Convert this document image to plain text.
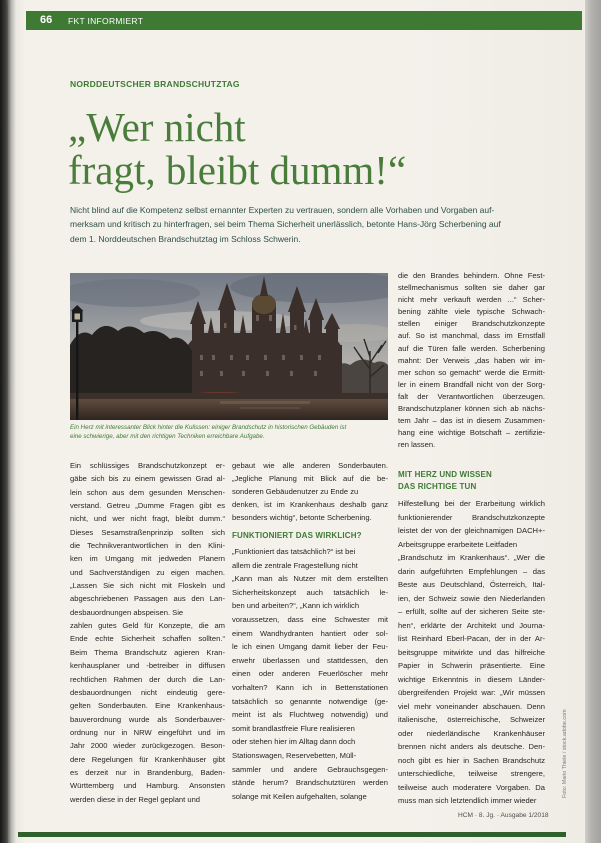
66 FKT INFORMIERT
NORDDEUTSCHER BRANDSCHUTZTAG
„Wer nicht
fragt, bleibt dumm!“
Nicht blind auf die Kompetenz selbst ernannter Experten zu vertrauen, sondern alle Vorhaben und Vorgaben auf-
merksam und kritisch zu hinterfragen, sei beim Thema Sicherheit unerlässlich, betonte Hans-Jörg Scherbening auf
dem 1. Norddeutschen Brandschutztag im Schloss Schwerin.
Ein Herz mit interessanter Blick hinter die Kulissen: einiger Brandschutz in historischen Gebäuden ist
eine schwierige, aber mit den richtigen Techniken erreichbare Aufgabe.
Ein schlüssiges Brandschutzkonzept er-
gäbe sich bis zu einem gewissen Grad al-
lein schon aus dem gesunden Menschen-
verstand. Getreu „Dumme Fragen gibt es
nicht, und wer nicht fragt, bleibt dumm.“
Dieses Sesamstraßenprinzip sollten sich
die Technikverantwortlichen in den Klini-
ken im Umgang mit jedweden Planern
und Sachverständigen zu eigen machen.
„Lassen Sie sich nicht mit Floskeln und
abgeschriebenen Passagen aus den Lan-
desbauordnungen abspeisen. Sie
zahlen gutes Geld für Konzepte, die am
Ende echte Sicherheit schaffen sollten.“
Beim Thema Brandschutz agieren Kran-
kenhausplaner und -betreiber in diffusen
rechtlichen Rahmen der durch die Lan-
desbauordnungen nicht eindeutig gere-
gelten Sonderbauten. Eine Krankenhaus-
bauverordnung wurde als Sonderbauver-
ordnung nur in NRW eingeführt und im
Jahr 2000 wieder zurückgezogen. Beson-
dere Regelungen für Krankenhäuser gibt
es derzeit nur in Brandenburg, Baden-
Württemberg und Hamburg. Ansonsten
werden diese in der Regel geplant und
gebaut wie alle anderen Sonderbauten.
„Jegliche Planung mit Blick auf die be-
sonderen Gebäudenutzer zu Ende zu
denken, ist im Krankenhaus deshalb ganz
besonders wichtig“, betonte Scherbening.
FUNKTIONIERT DAS WIRKLICH?
„Funktioniert das tatsächlich?“ ist bei
allem die zentrale Fragestellung nicht
„Kann man als Nutzer mit dem erstellten
Sicherheitskonzept auch tatsächlich le-
ben und arbeiten?“, „Kann ich wirklich
voraussetzen, dass eine Schwester mit
einem Wandhydranten hantiert oder sol-
le ich einen Umgang damit lieber der Feu-
erwehr überlassen und stattdessen, den
einen oder anderen Feuerlöscher mehr
vorhalten? Kann ich in Bettenstationen
tatsächlich so genannte notwendige (ge-
meint ist als Fluchtweg notwendig) und
somit brandlastfreie Flure realisieren
oder stehen hier im Alltag dann doch
Stationswagen, Reservebetten, Müll-
sammler und andere Gebrauchsgegen-
stände herum? Brandschutztüren werden
solange mit Keilen aufgehalten, solange
die den Brandes behindern. Ohne Fest-
stellmechanismus sollten sie daher gar
nicht mehr verkauft werden ...“ Scher-
bening zählte viele typische Schwach-
stellen einiger Brandschutzkonzepte
auf. So ist manchmal, dass im Ernstfall
auf die Türen falle werden. Scherbening
mahnt: Der Verweis „das haben wir im-
mer schon so gemacht“ werde die Ermitt-
ler in einem Brandfall nicht von der Sorg-
falt der Verantwortlichen überzeugen.
Brandschutzplaner können sich ab nächs-
tem Jahr – das ist in diesem Zusammen-
hang eine wichtige Botschaft – zertifizie-
ren lassen.
MIT HERZ UND WISSEN
DAS RICHTIGE TUN
Hilfestellung bei der Erarbeitung wirklich
funktionierender Brandschutzkonzepte
leistet der von der gleichnamigen DACH+-
Arbeitsgruppe erarbeitete Leitfaden
„Brandschutz im Krankenhaus“. „Wer die
darin aufgeführten Empfehlungen – das
Beste aus Deutschland, Österreich, Ital-
ien, der Schweiz sowie den Niederlanden
– erfüllt, sollte auf der sicheren Seite ste-
hen“, erklärte der Architekt und Journa-
list Reinhard Eberl-Pacan, der in der Ar-
beitsgruppe mitwirkte und das hilfreiche
Papier in Schwerin präsentierte. Eine
wichtige Erkenntnis in diesem Länder-
übergreifenden Projekt war: „Wir müssen
viel mehr voneinander abschauen. Denn
italienische, österreichische, Schweizer
oder niederländische Krankenhäuser
brennen nicht anders als deutsche. Den-
noch gibt es hier in Sachen Brandschutz
unterschiedliche, teilweise strengere,
teilweise auch moderatere Vorgaben. Da
muss man sich letztendlich immer wieder
HCM · 8. Jg. · Ausgabe 1/2018
Foto: Mario Thiele / stock.adobe.com
